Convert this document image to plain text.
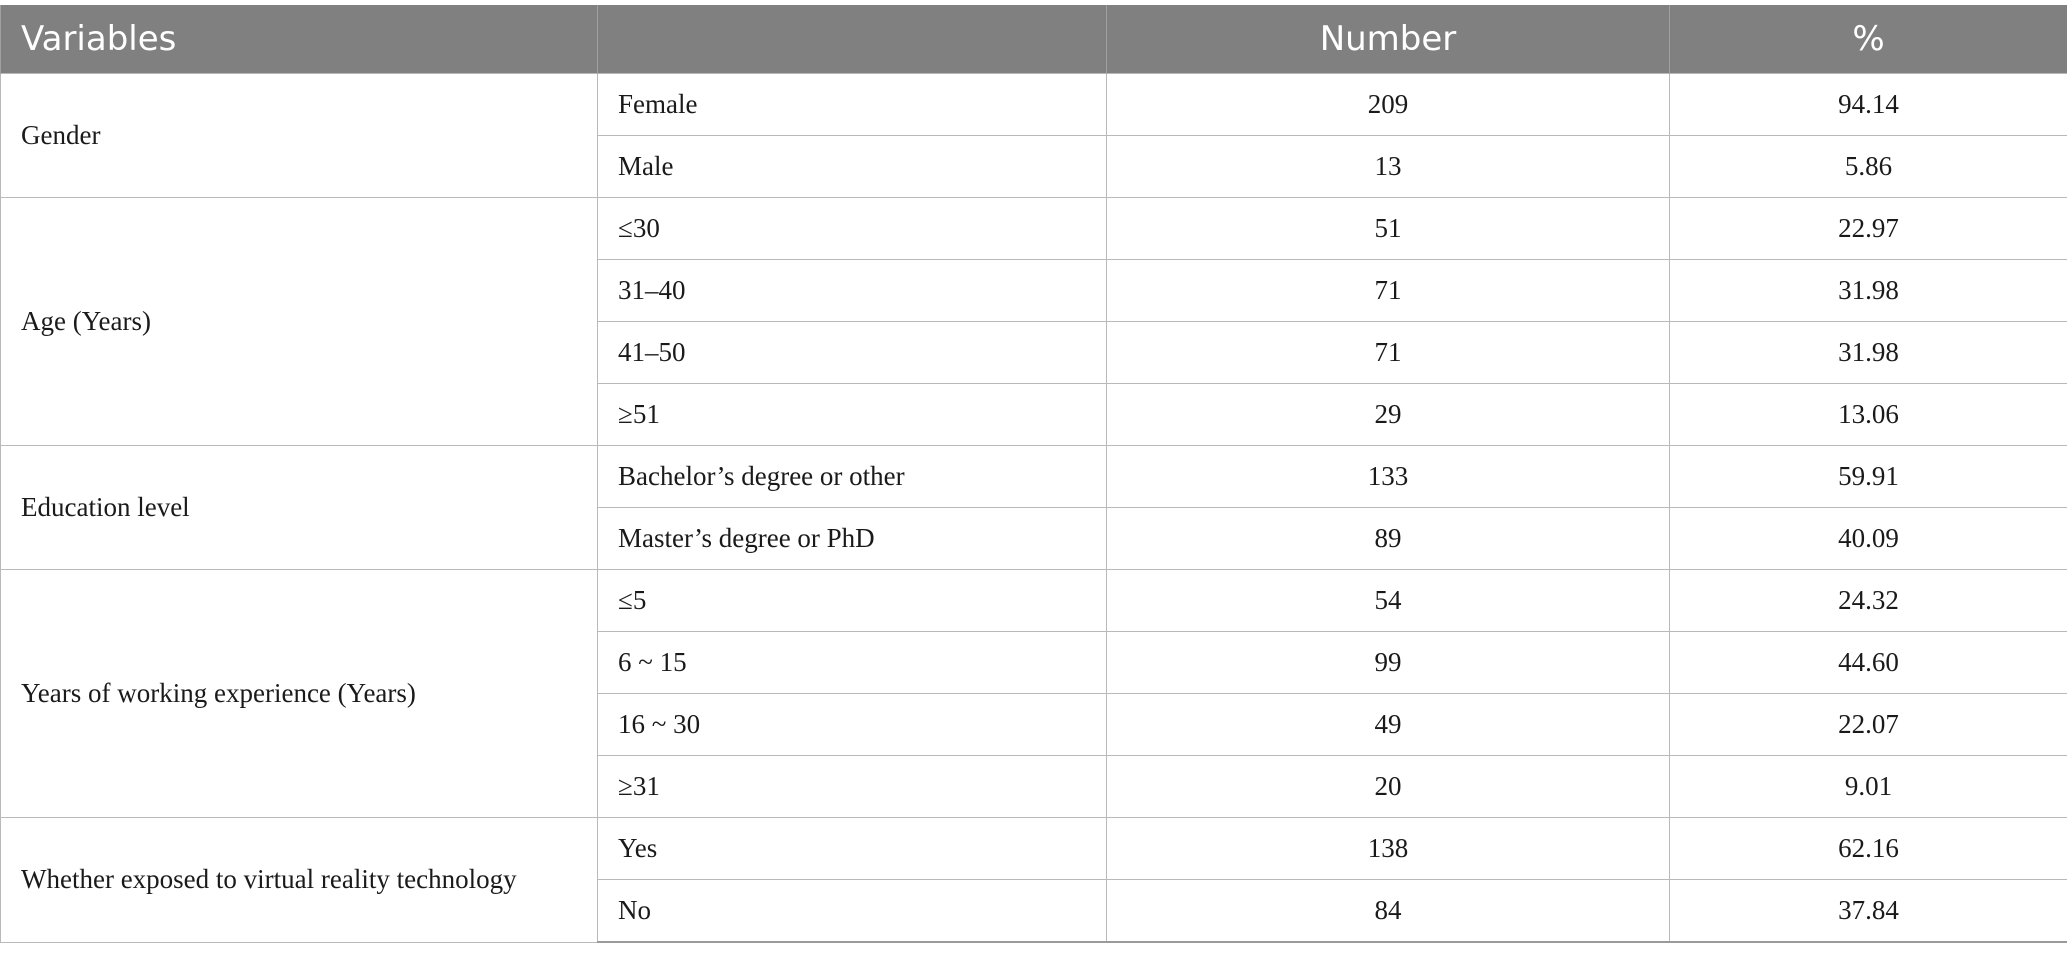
Variables		Number	%
Gender	Female	209	94.14
	Male	13	5.86
Age (Years)	≤30	51	22.97
	31–40	71	31.98
	41–50	71	31.98
	≥51	29	13.06
Education level	Bachelor’s degree or other	133	59.91
	Master’s degree or PhD	89	40.09
Years of working experience (Years)	≤5	54	24.32
	6 ~ 15	99	44.60
	16 ~ 30	49	22.07
	≥31	20	9.01
Whether exposed to virtual reality technology	Yes	138	62.16
	No	84	37.84
